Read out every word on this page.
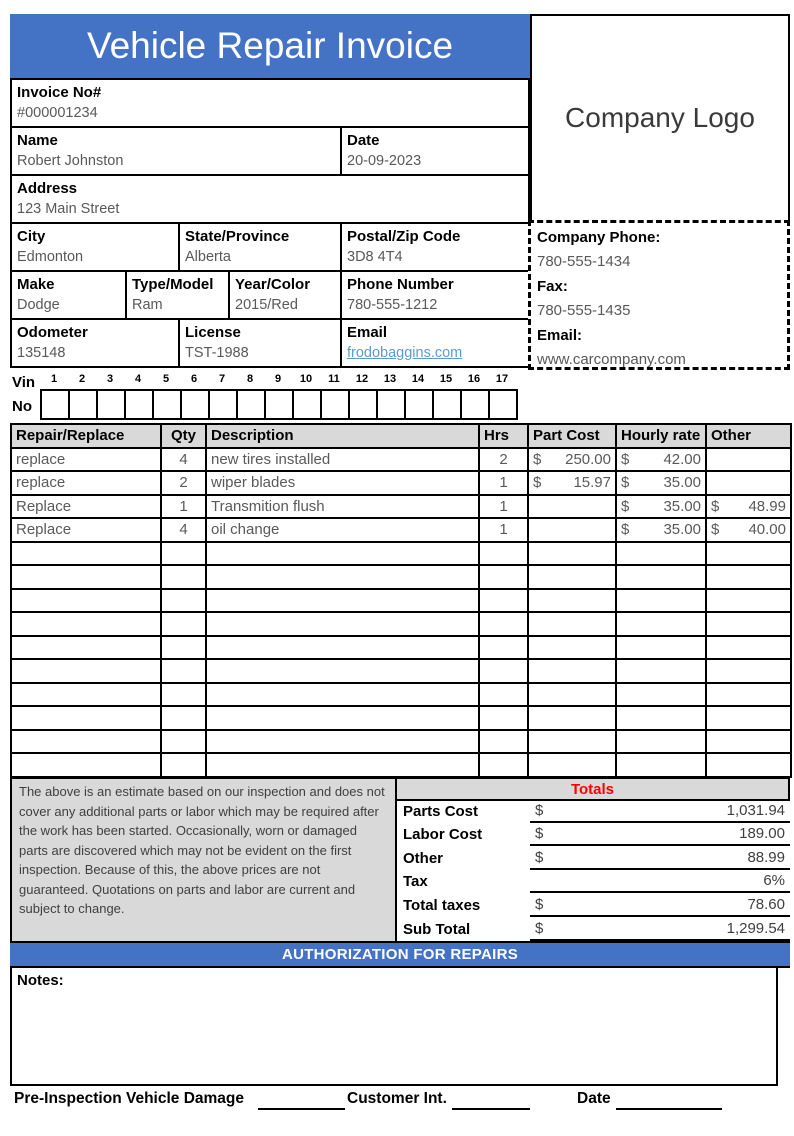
Vehicle Repair Invoice
Company Logo
Invoice No#
#000001234
Name
Robert Johnston
Date
20-09-2023
Address
123 Main Street
City
Edmonton
State/Province
Alberta
Postal/Zip Code
3D8 4T4
Make
Dodge
Type/Model
Ram
Year/Color
2015/Red
Phone Number
780-555-1212
Odometer
135148
License
TST-1988
Email
frodobaggins.com
Company Phone:
780-555-1434
Fax:
780-555-1435
Email:
www.carcompany.com
Vin
No
1	2	3	4	5	6	7	8	9	10	11	12	13	14	15	16	17
Repair/Replace	Qty	Description	Hrs	Part Cost	Hourly rate	Other
replace	4	new tires installed	2	$ 250.00	$ 42.00	

replace	2	wiper blades	1	$ 15.97	$ 35.00	

Replace	1	Transmition flush	1		$ 35.00	$ 48.99

Replace	4	oil change	1		$ 35.00	$ 40.00

The above is an estimate based on our inspection and does not cover any additional parts or labor which may be required after the work has been started. Occasionally, worn or damaged parts are discovered which may not be evident on the first inspection. Because of this, the above prices are not guaranteed. Quotations on parts and labor are current and subject to change.
Totals
Parts Cost	$	1,031.94
Labor Cost	$	189.00
Other	$	88.99
Tax	6%
Total taxes	$	78.60
Sub Total	$	1,299.54
AUTHORIZATION FOR REPAIRS
Notes:
Pre-Inspection Vehicle Damage	Customer Int.	Date
